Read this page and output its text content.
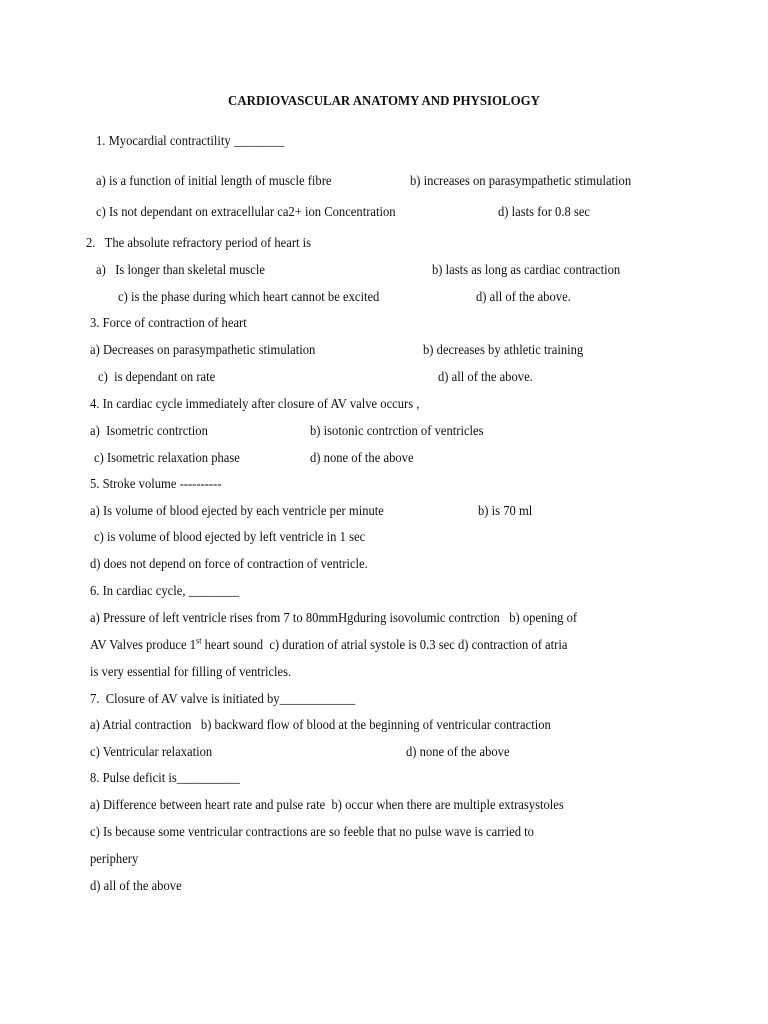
CARDIOVASCULAR ANATOMY AND PHYSIOLOGY
1. Myocardial contractility ________
a) is a function of initial length of muscle fibre	b) increases on parasympathetic stimulation
c) Is not dependant on extracellular ca2+ ion Concentration	d) lasts for 0.8 sec
2.   The absolute refractory period of heart is
a)   Is longer than skeletal muscle	b) lasts as long as cardiac contraction
c) is the phase during which heart cannot be excited	d) all of the above.
3. Force of contraction of heart
a) Decreases on parasympathetic stimulation	b) decreases by athletic training
c)  is dependant on rate	d) all of the above.
4. In cardiac cycle immediately after closure of AV valve occurs ,
a)  Isometric contrction	b) isotonic contrction of ventricles
c) Isometric relaxation phase	d) none of the above
5. Stroke volume ----------
a) Is volume of blood ejected by each ventricle per minute	b) is 70 ml
c) is volume of blood ejected by left ventricle in 1 sec
d) does not depend on force of contraction of ventricle.
6. In cardiac cycle, ________
a) Pressure of left ventricle rises from 7 to 80mmHgduring isovolumic contrction   b) opening of
AV Valves produce 1st heart sound  c) duration of atrial systole is 0.3 sec d) contraction of atria
is very essential for filling of ventricles.
7.  Closure of AV valve is initiated by____________
a) Atrial contraction   b) backward flow of blood at the beginning of ventricular contraction
c) Ventricular relaxation	d) none of the above
8. Pulse deficit is__________
a) Difference between heart rate and pulse rate  b) occur when there are multiple extrasystoles
c) Is because some ventricular contractions are so feeble that no pulse wave is carried to
periphery
d) all of the above
